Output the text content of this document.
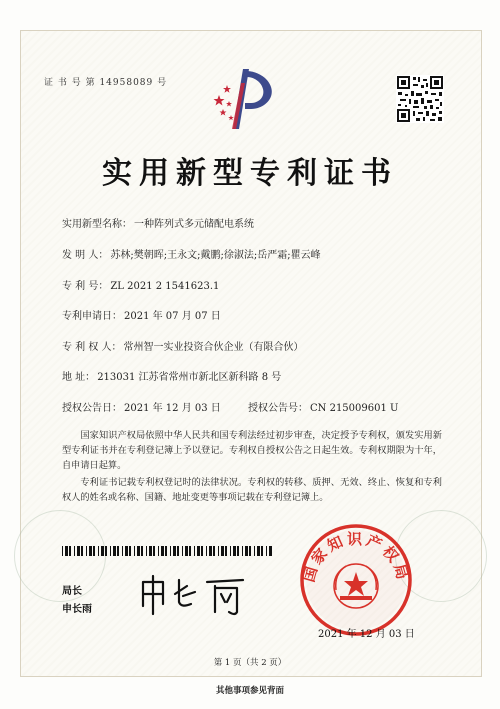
证 书 号 第 14958089 号
实用新型专利证书
实用新型名称： 一种阵列式多元储配电系统
发 明 人： 苏林;樊朝晖;王永文;戴鹏;徐淑法;岳严霜;瞿云峰
专 利 号： ZL 2021 2 1541623.1
专利申请日： 2021 年 07 月 07 日
专 利 权 人： 常州智一实业投资合伙企业（有限合伙）
地 址： 213031 江苏省常州市新北区新科路 8 号
授权公告日： 2021 年 12 月 03 日	授权公告号： CN 215009601 U
国家知识产权局依照中华人民共和国专利法经过初步审查，决定授予专利权，颁发实用新型专利证书并在专利登记簿上予以登记。专利权自授权公告之日起生效。专利权期限为十年，自申请日起算。
专利证书记载专利权登记时的法律状况。专利权的转移、质押、无效、终止、恢复和专利权人的姓名或名称、国籍、地址变更等事项记载在专利登记簿上。
局长
申长雨
国家知识产权局
2021 年 12 月 03 日
第 1 页（共 2 页）
其他事项参见背面
